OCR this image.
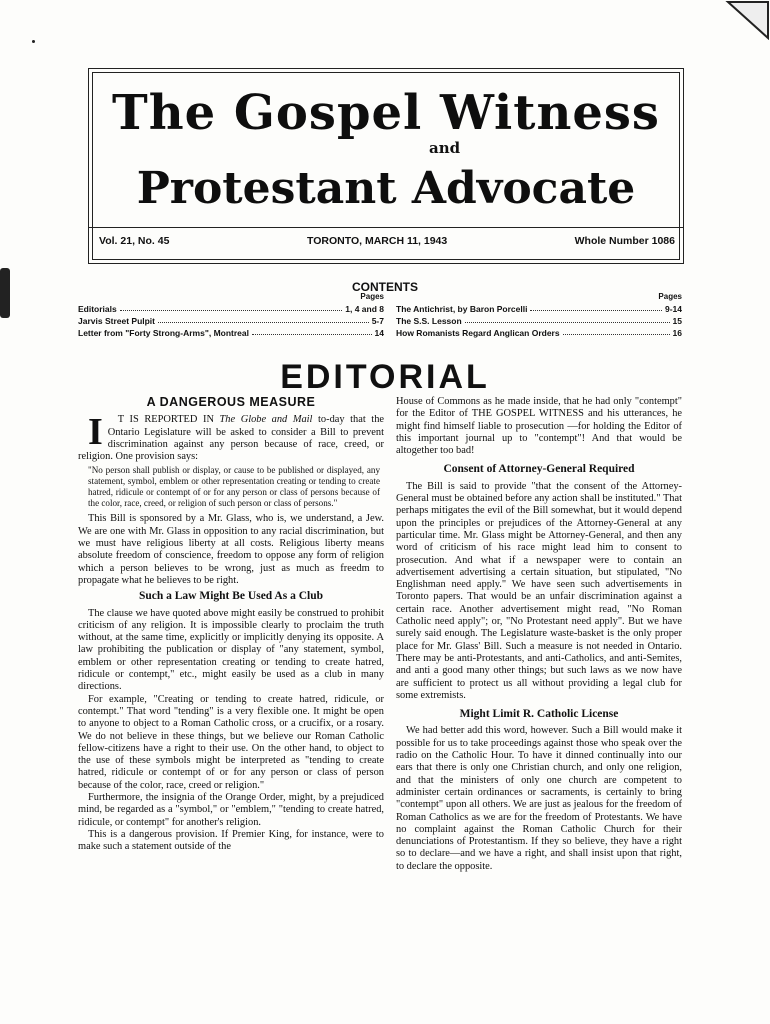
The Gospel Witness
and
Protestant Advocate
Vol. 21, No. 45	TORONTO, MARCH 11, 1943	Whole Number 1086
CONTENTS
Pages
Editorials	1, 4 and 8
Jarvis Street Pulpit	5-7
Letter from "Forty Strong-Arms", Montreal	14
Pages
The Antichrist, by Baron Porcelli	9-14
The S.S. Lesson	15
How Romanists Regard Anglican Orders	16
EDITORIAL
A DANGEROUS MEASURE

I T IS REPORTED IN The Globe and Mail to-day that the Ontario Legislature will be asked to consider a Bill to prevent discrimination against any person because of race, creed, or religion. One provision says:

"No person shall publish or display, or cause to be published or displayed, any statement, symbol, emblem or other representation creating or tending to create hatred, ridicule or contempt of or for any person or class of persons because of the color, race, creed, or religion of such person or class of persons."

This Bill is sponsored by a Mr. Glass, who is, we understand, a Jew. We are one with Mr. Glass in opposition to any racial discrimination, but we must have religious liberty at all costs. Religious liberty means absolute freedom of conscience, freedom to oppose any form of religion which a person believes to be wrong, just as much as freedm to propagate what he believes to be right.

Such a Law Might Be Used As a Club

The clause we have quoted above might easily be construed to prohibit criticism of any religion. It is impossible clearly to proclaim the truth without, at the same time, explicitly or implicitly denying its opposite. A law prohibiting the publication or display of "any statement, symbol, emblem or other representation creating or tending to create hatred, ridicule or contempt," etc., might easily be used as a club in many directions.

For example, "Creating or tending to create hatred, ridicule, or contempt." That word "tending" is a very flexible one. It might be open to anyone to object to a Roman Catholic cross, or a crucifix, or a rosary. We do not believe in these things, but we believe our Roman Catholic fellow-citizens have a right to their use. On the other hand, to object to the use of these symbols might be interpreted as "tending to create hatred, ridicule or contempt of or for any person or class of person because of the color, race, creed or religion."

Furthermore, the insignia of the Orange Order, might, by a prejudiced mind, be regarded as a "symbol," or "emblem," "tending to create hatred, ridicule, or contempt" for another's religion.

This is a dangerous provision. If Premier King, for instance, were to make such a statement outside of the

House of Commons as he made inside, that he had only "contempt" for the Editor of THE GOSPEL WITNESS and his utterances, he might find himself liable to prosecution —for holding the Editor of this important journal up to "contempt"! And that would be altogether too bad!

Consent of Attorney-General Required

The Bill is said to provide "that the consent of the Attorney-General must be obtained before any action shall be instituted." That perhaps mitigates the evil of the Bill somewhat, but it would depend upon the principles or prejudices of the Attorney-General at any particular time. Mr. Glass might be Attorney-General, and then any word of criticism of his race might lead him to consent to prosecution. And what if a newspaper were to contain an advertisement advertising a certain situation, but stipulated, "No Englishman need apply." We have seen such advertisements in Toronto papers. That would be an unfair discrimination against a certain race. Another advertisement might read, "No Roman Catholic need apply"; or, "No Protestant need apply". But we have surely said enough. The Legislature waste-basket is the only proper place for Mr. Glass' Bill. Such a measure is not needed in Ontario. There may be anti-Protestants, and anti-Catholics, and anti-Semites, and anti a good many other things; but such laws as we now have are sufficient to protect us all without providing a legal club for some extremists.

Might Limit R. Catholic License

We had better add this word, however. Such a Bill would make it possible for us to take proceedings against those who speak over the radio on the Catholic Hour. To have it dinned continually into our ears that there is only one Christian church, and only one religion, and that the ministers of only one church are competent to administer certain ordinances or sacraments, is certainly to bring "contempt" upon all others. We are just as jealous for the freedom of Roman Catholics as we are for the freedom of Protestants. We have no complaint against the Roman Catholic Church for their denunciations of Protestantism. If they so believe, they have a right so to declare—and we have a right, and shall insist upon that right, to declare the opposite.
